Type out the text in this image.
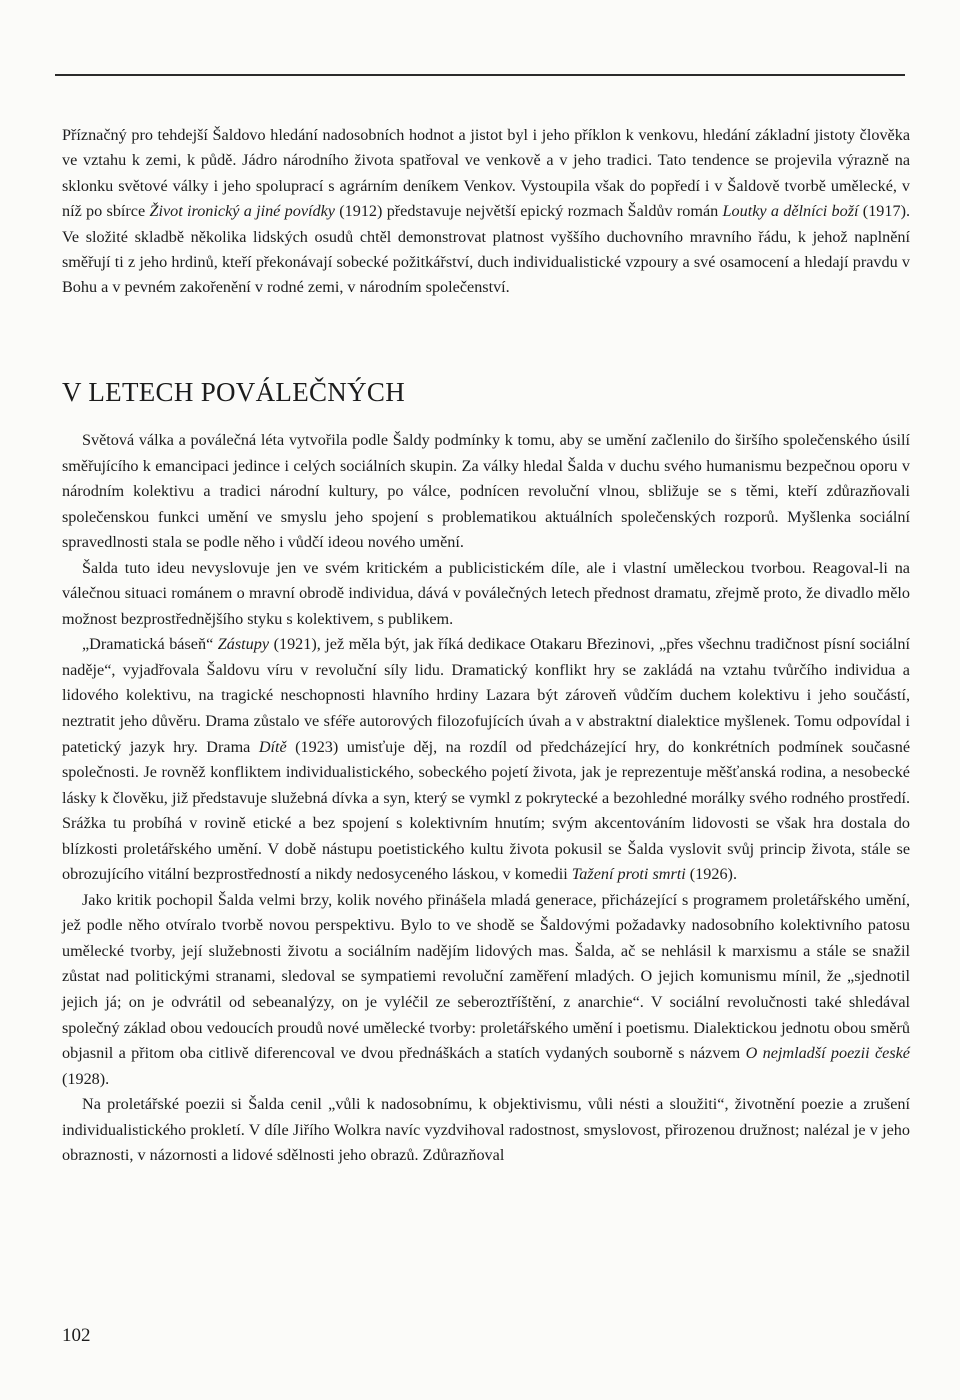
Příznačný pro tehdejší Šaldovo hledání nadosobních hodnot a jistot byl i jeho příklon k venkovu, hledání základní jistoty člověka ve vztahu k zemi, k půdě. Jádro národního života spatřoval ve venkově a v jeho tradici. Tato tendence se projevila výrazně na sklonku světové války i jeho spoluprací s agrárním deníkem Venkov. Vystoupila však do popředí i v Šaldově tvorbě umělecké, v níž po sbírce Život ironický a jiné povídky (1912) představuje největší epický rozmach Šaldův román Loutky a dělníci boží (1917). Ve složité skladbě několika lidských osudů chtěl demonstrovat platnost vyššího duchovního mravního řádu, k jehož naplnění směřují ti z jeho hrdinů, kteří překonávají sobecké požitkářství, duch individualistické vzpoury a své osamocení a hledají pravdu v Bohu a v pevném zakořenění v rodné zemi, v národním společenství.

V LETECH POVÁLEČNÝCH

Světová válka a poválečná léta vytvořila podle Šaldy podmínky k tomu, aby se umění začlenilo do širšího společenského úsilí směřujícího k emancipaci jedince i celých sociálních skupin. Za války hledal Šalda v duchu svého humanismu bezpečnou oporu v národním kolektivu a tradici národní kultury, po válce, podnícen revoluční vlnou, sbližuje se s těmi, kteří zdůrazňovali společenskou funkci umění ve smyslu jeho spojení s problematikou aktuálních společenských rozporů. Myšlenka sociální spravedlnosti stala se podle něho i vůdčí ideou nového umění.

Šalda tuto ideu nevyslovuje jen ve svém kritickém a publicistickém díle, ale i vlastní uměleckou tvorbou. Reagoval-li na válečnou situaci románem o mravní obrodě individua, dává v poválečných letech přednost dramatu, zřejmě proto, že divadlo mělo možnost bezprostřednějšího styku s kolektivem, s publikem.

„Dramatická báseň“ Zástupy (1921), jež měla být, jak říká dedikace Otakaru Březinovi, „přes všechnu tradičnost písní sociální naděje“, vyjadřovala Šaldovu víru v revoluční síly lidu. Dramatický konflikt hry se zakládá na vztahu tvůrčího individua a lidového kolektivu, na tragické neschopnosti hlavního hrdiny Lazara být zároveň vůdčím duchem kolektivu i jeho součástí, neztratit jeho důvěru. Drama zůstalo ve sféře autorových filozofujících úvah a v abstraktní dialektice myšlenek. Tomu odpovídal i patetický jazyk hry. Drama Dítě (1923) umisťuje děj, na rozdíl od předcházející hry, do konkrétních podmínek současné společnosti. Je rovněž konfliktem individualistického, sobeckého pojetí života, jak je reprezentuje měšťanská rodina, a nesobecké lásky k člověku, již představuje služebná dívka a syn, který se vymkl z pokrytecké a bezohledné morálky svého rodného prostředí. Srážka tu probíhá v rovině etické a bez spojení s kolektivním hnutím; svým akcentováním lidovosti se však hra dostala do blízkosti proletářského umění. V době nástupu poetistického kultu života pokusil se Šalda vyslovit svůj princip života, stále se obrozujícího vitální bezprostředností a nikdy nedosyceného láskou, v komedii Tažení proti smrti (1926).

Jako kritik pochopil Šalda velmi brzy, kolik nového přinášela mladá generace, přicházející s programem proletářského umění, jež podle něho otvíralo tvorbě novou perspektivu. Bylo to ve shodě se Šaldovými požadavky nadosobního kolektivního patosu umělecké tvorby, její služebnosti životu a sociálním nadějím lidových mas. Šalda, ač se nehlásil k marxismu a stále se snažil zůstat nad politickými stranami, sledoval se sympatiemi revoluční zaměření mladých. O jejich komunismu mínil, že „sjednotil jejich já; on je odvrátil od sebeanalýzy, on je vyléčil ze seberoztříštění, z anarchie“. V sociální revolučnosti také shledával společný základ obou vedoucích proudů nové umělecké tvorby: proletářského umění i poetismu. Dialektickou jednotu obou směrů objasnil a přitom oba citlivě diferencoval ve dvou přednáškách a statích vydaných souborně s názvem O nejmladší poezii české (1928).

Na proletářské poezii si Šalda cenil „vůli k nadosobnímu, k objektivismu, vůli nésti a sloužiti“, životnění poezie a zrušení individualistického prokletí. V díle Jiřího Wolkra navíc vyzdvihoval radostnost, smyslovost, přirozenou družnost; nalézal je v jeho obraznosti, v názornosti a lidové sdělnosti jeho obrazů. Zdůrazňoval

102
